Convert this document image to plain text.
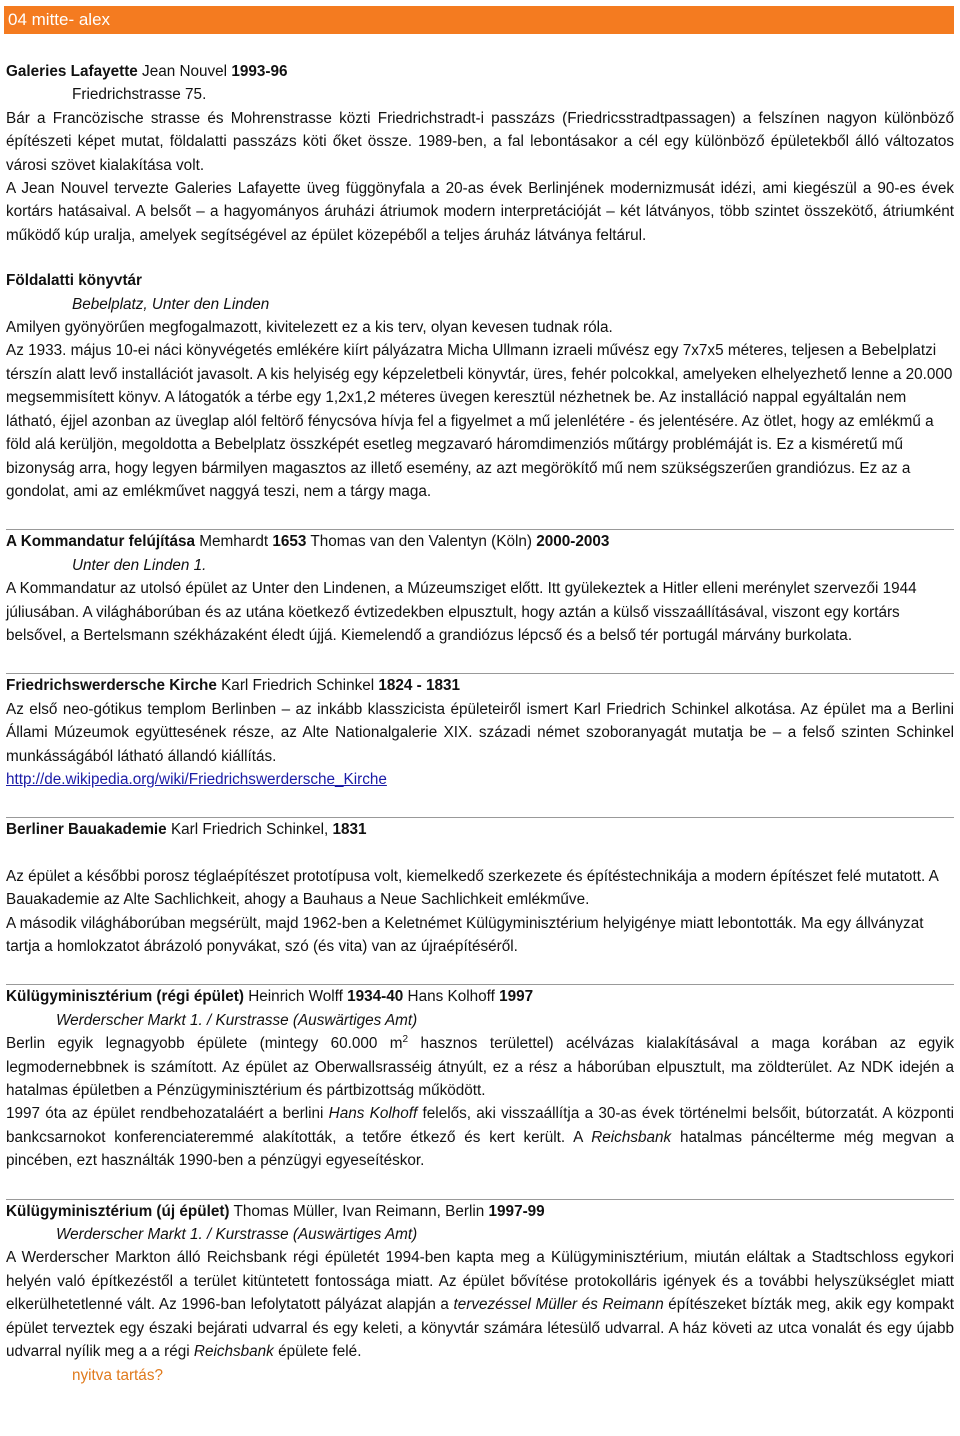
04 mitte- alex

Galeries Lafayette Jean Nouvel 1993-96

Friedrichstrasse 75.

Bár a Francözische strasse és Mohrenstrasse közti Friedrichstradt-i passzázs (Friedricsstradtpassagen) a felszínen nagyon különböző építészeti képet mutat, földalatti passzázs köti őket össze. 1989-ben, a fal lebontásakor a cél egy különböző épületekből álló változatos városi szövet kialakítása volt.

A Jean Nouvel tervezte Galeries Lafayette üveg függönyfala a 20-as évek Berlinjének modernizmusát idézi, ami kiegészül a 90-es évek kortárs hatásaival. A belsőt – a hagyományos áruházi átriumok modern interpretációját – két látványos, több szintet összekötő, átriumként működő kúp uralja, amelyek segítségével az épület közepéből a teljes áruház látványa feltárul.

Földalatti könyvtár

Bebelplatz, Unter den Linden

Amilyen gyönyörűen megfogalmazott, kivitelezett ez a kis terv, olyan kevesen tudnak róla.

Az 1933. május 10-ei náci könyvégetés emlékére kiírt pályázatra Micha Ullmann izraeli művész egy 7x7x5 méteres, teljesen a Bebelplatzi térszín alatt levő installációt javasolt. A kis helyiség egy képzeletbeli könyvtár, üres, fehér polcokkal, amelyeken elhelyezhető lenne a 20.000 megsemmisített könyv. A látogatók a térbe egy 1,2x1,2 méteres üvegen keresztül nézhetnek be. Az installáció nappal egyáltalán nem látható, éjjel azonban az üveglap alól feltörő fénycsóva hívja fel a figyelmet a mű jelenlétére - és jelentésére. Az ötlet, hogy az emlékmű a föld alá kerüljön, megoldotta a Bebelplatz összképét esetleg megzavaró háromdimenziós műtárgy problémáját is. Ez a kisméretű mű bizonyság arra, hogy legyen bármilyen magasztos az illető esemény, az azt megörökítő mű nem szükségszerűen grandiózus. Ez az a gondolat, ami az emlékművet naggyá teszi, nem a tárgy maga.

A Kommandatur felújítása Memhardt 1653 Thomas van den Valentyn (Köln) 2000-2003

Unter den Linden 1.

A Kommandatur az utolsó épület az Unter den Lindenen, a Múzeumsziget előtt. Itt gyülekeztek a Hitler elleni merénylet szervezői 1944 júliusában. A világháborúban és az utána köetkező évtizedekben elpusztult, hogy aztán a külső visszaállításával, viszont egy kortárs belsővel, a Bertelsmann székházaként éledt újjá. Kiemelendő a grandiózus lépcső és a belső tér portugál márvány burkolata.

Friedrichswerdersche Kirche Karl Friedrich Schinkel 1824 - 1831

Az első neo-gótikus templom Berlinben – az inkább klasszicista épületeiről ismert Karl Friedrich Schinkel alkotása. Az épület ma a Berlini Állami Múzeumok együttesének része, az Alte Nationalgalerie XIX. századi német szoboranyagát mutatja be – a felső szinten Schinkel munkásságából látható állandó kiállítás.

http://de.wikipedia.org/wiki/Friedrichswerdersche_Kirche

Berliner Bauakademie Karl Friedrich Schinkel, 1831

Az épület a későbbi porosz téglaépítészet prototípusa volt, kiemelkedő szerkezete és építéstechnikája a modern építészet felé mutatott. A Bauakademie az Alte Sachlichkeit, ahogy a Bauhaus a Neue Sachlichkeit emlékműve.

A második világháborúban megsérült, majd 1962-ben a Keletnémet Külügyminisztérium helyigénye miatt lebontották. Ma egy állványzat tartja a homlokzatot ábrázoló ponyvákat, szó (és vita) van az újraépítéséről.

Külügyminisztérium (régi épület) Heinrich Wolff 1934-40 Hans Kolhoff 1997

Werderscher Markt 1. / Kurstrasse (Auswärtiges Amt)

Berlin egyik legnagyobb épülete (mintegy 60.000 $m^2$ hasznos területtel) acélvázas kialakításával a maga korában az egyik legmodernebbnek is számított. Az épület az Oberwallsrasséig átnyúlt, ez a rész a háborúban elpusztult, ma zöldterület. Az NDK idején a hatalmas épületben a Pénzügyminisztérium és pártbizottság működött.

1997 óta az épület rendbehozataláért a berlini Hans Kolhoff felelős, aki visszaállítja a 30-as évek történelmi belsőit, bútorzatát. A központi bankcsarnokot konferenciateremmé alakították, a tetőre étkező és kert került. A Reichsbank hatalmas páncélterme még megvan a pincében, ezt használták 1990-ben a pénzügyi egyeseítéskor.

Külügyminisztérium (új épület) Thomas Müller, Ivan Reimann, Berlin 1997-99

Werderscher Markt 1. / Kurstrasse (Auswärtiges Amt)

A Werderscher Markton álló Reichsbank régi épületét 1994-ben kapta meg a Külügyminisztérium, miután eláltak a Stadtschloss egykori helyén való építkezéstől a terület kitüntetett fontossága miatt. Az épület bővítése protokolláris igények és a további helyszükséglet miatt elkerülhetetlenné vált. Az 1996-ban lefolytatott pályázat alapján a tervezéssel Müller és Reimann építészeket bízták meg, akik egy kompakt épület terveztek egy északi bejárati udvarral és egy keleti, a könyvtár számára létesülő udvarral. A ház követi az utca vonalát és egy újabb udvarral nyílik meg a a régi Reichsbank épülete felé.

nyitva tartás?
